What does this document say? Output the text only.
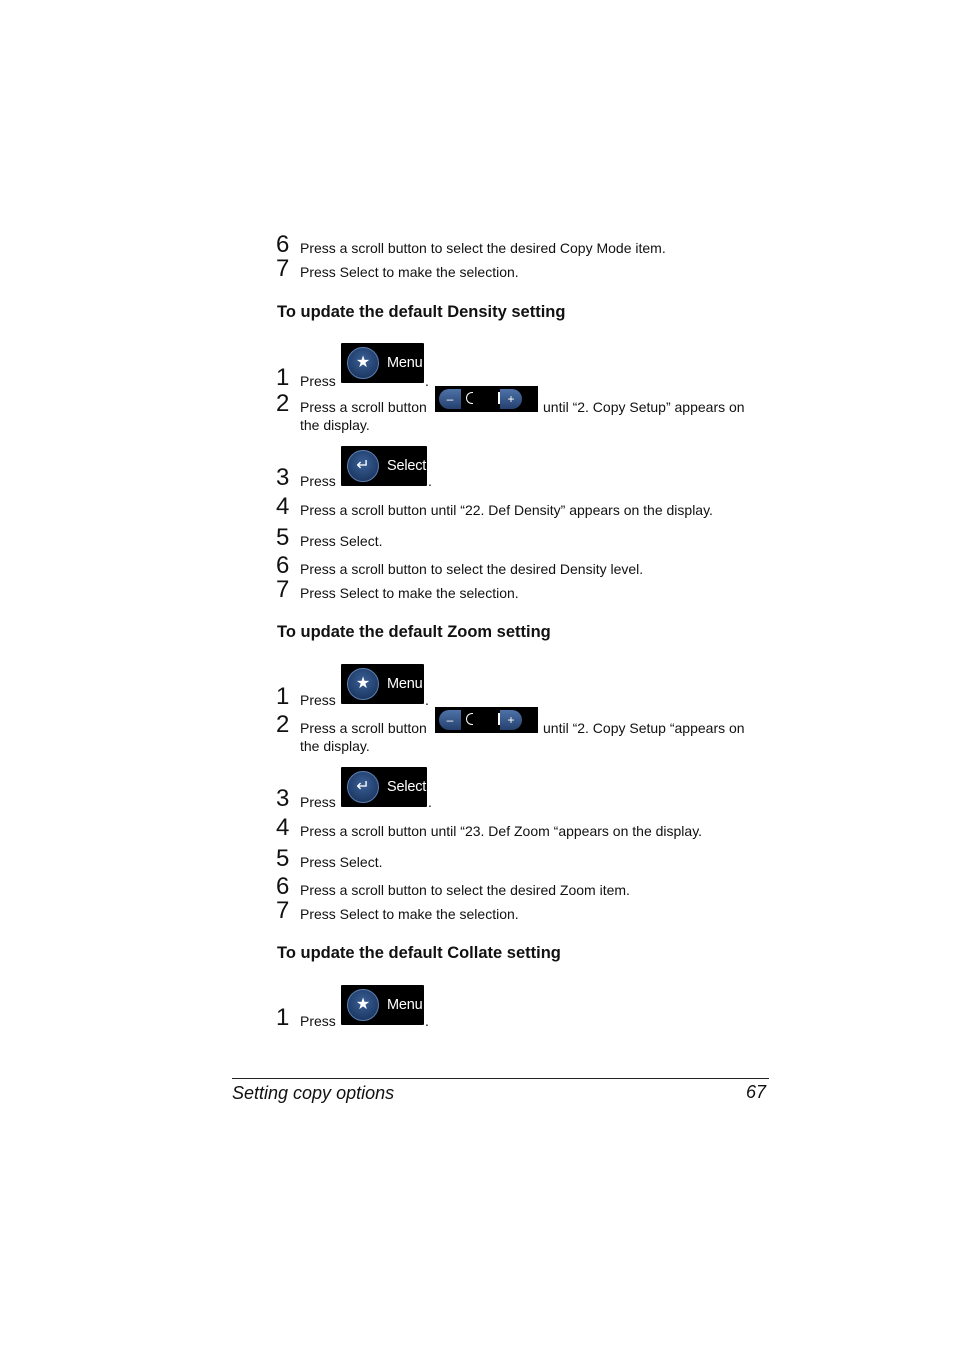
6 Press a scroll button to select the desired Copy Mode item.
7 Press Select to make the selection.
To update the default Density setting
1 Press
★	Menu
.
2 Press a scroll button	–	+	until “2. Copy Setup” appears on
the display.
3 Press
↵	Select
.
4 Press a scroll button until “22. Def Density” appears on the display.
5 Press Select.
6 Press a scroll button to select the desired Density level.
7 Press Select to make the selection.
To update the default Zoom setting
1 Press
★	Menu
.
2 Press a scroll button	–	+	until “2. Copy Setup “appears on
the display.
3 Press
↵	Select
.
4 Press a scroll button until “23. Def Zoom “appears on the display.
5 Press Select.
6 Press a scroll button to select the desired Zoom item.
7 Press Select to make the selection.
To update the default Collate setting
1 Press
★	Menu
.
Setting copy options	67
